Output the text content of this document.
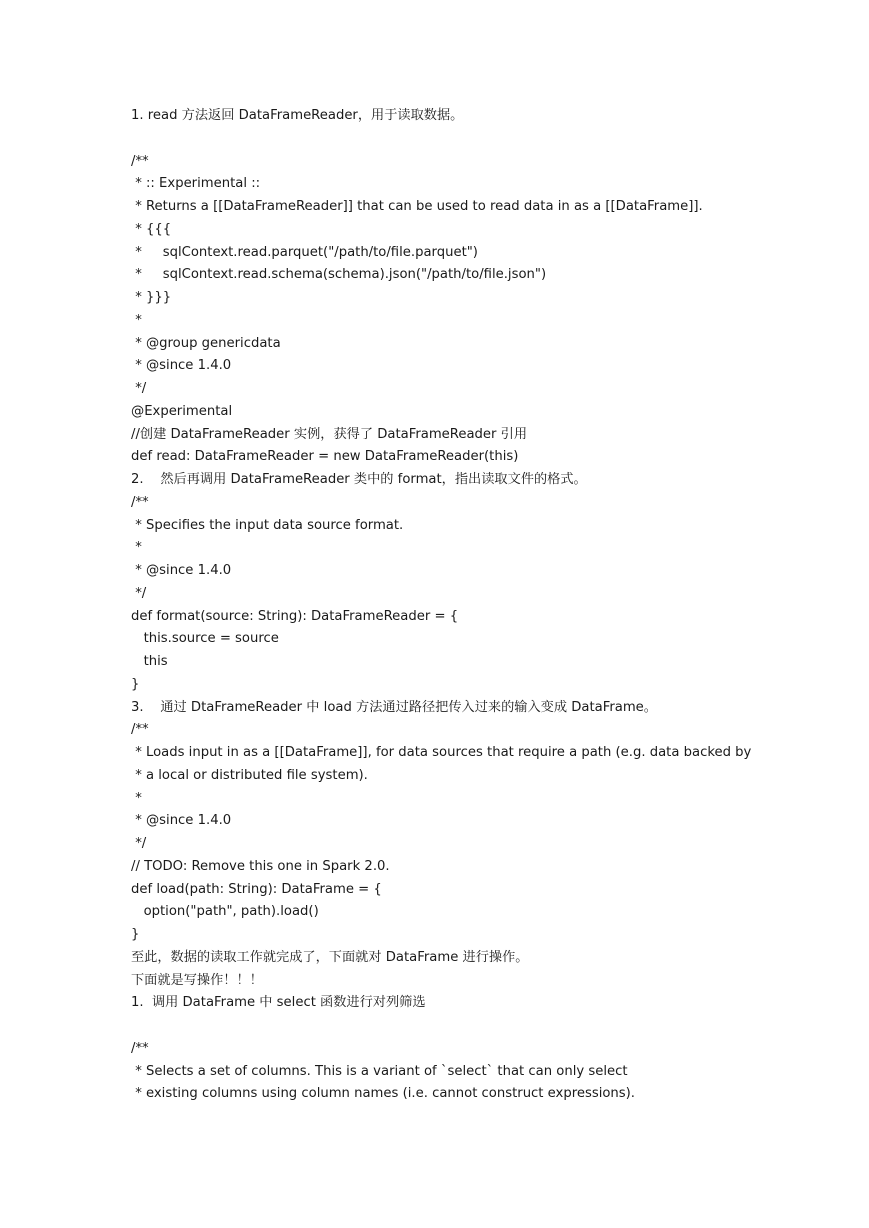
1. read 方法返回 DataFrameReader，用于读取数据。
/**
* :: Experimental ::
* Returns a [[DataFrameReader]] that can be used to read data in as a [[DataFrame]].
* {{{
*     sqlContext.read.parquet("/path/to/file.parquet")
*     sqlContext.read.schema(schema).json("/path/to/file.json")
* }}}
*
* @group genericdata
* @since 1.4.0
*/
@Experimental
//创建 DataFrameReader 实例，获得了 DataFrameReader 引用
def read: DataFrameReader = new DataFrameReader(this)
2.    然后再调用 DataFrameReader 类中的 format，指出读取文件的格式。
/**
* Specifies the input data source format.
*
* @since 1.4.0
*/
def format(source: String): DataFrameReader = {
this.source = source
this
}
3.    通过 DtaFrameReader 中 load 方法通过路径把传入过来的输入变成 DataFrame。
/**
* Loads input in as a [[DataFrame]], for data sources that require a path (e.g. data backed by
* a local or distributed file system).
*
* @since 1.4.0
*/
// TODO: Remove this one in Spark 2.0.
def load(path: String): DataFrame = {
option("path", path).load()
}
至此，数据的读取工作就完成了，下面就对 DataFrame 进行操作。
下面就是写操作！！！
1.  调用 DataFrame 中 select 函数进行对列筛选
/**
* Selects a set of columns. This is a variant of `select` that can only select
* existing columns using column names (i.e. cannot construct expressions).
